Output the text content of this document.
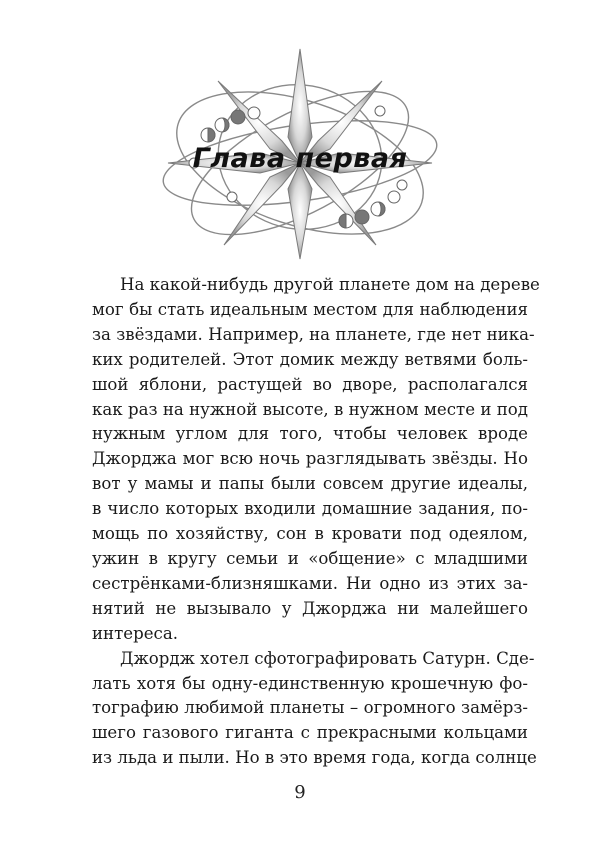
Глава первая
На какой-нибудь другой планете дом на дереве
мог бы стать идеальным местом для наблюдения
за звёздами. Например, на планете, где нет ника-
ких родителей. Этот домик между ветвями боль-
шой яблони, растущей во дворе, располагался
как раз на нужной высоте, в нужном месте и под
нужным углом для того, чтобы человек вроде
Джорджа мог всю ночь разглядывать звёзды. Но
вот у мамы и папы были совсем другие идеалы,
в число которых входили домашние задания, по-
мощь по хозяйству, сон в кровати под одеялом,
ужин в кругу семьи и «общение» с младшими
сестрёнками-близняшками. Ни одно из этих за-
нятий не вызывало у Джорджа ни малейшего
интереса.
Джордж хотел сфотографировать Сатурн. Сде-
лать хотя бы одну-единственную крошечную фо-
тографию любимой планеты – огромного замёрз-
шего газового гиганта с прекрасными кольцами
из льда и пыли. Но в это время года, когда солнце
9
